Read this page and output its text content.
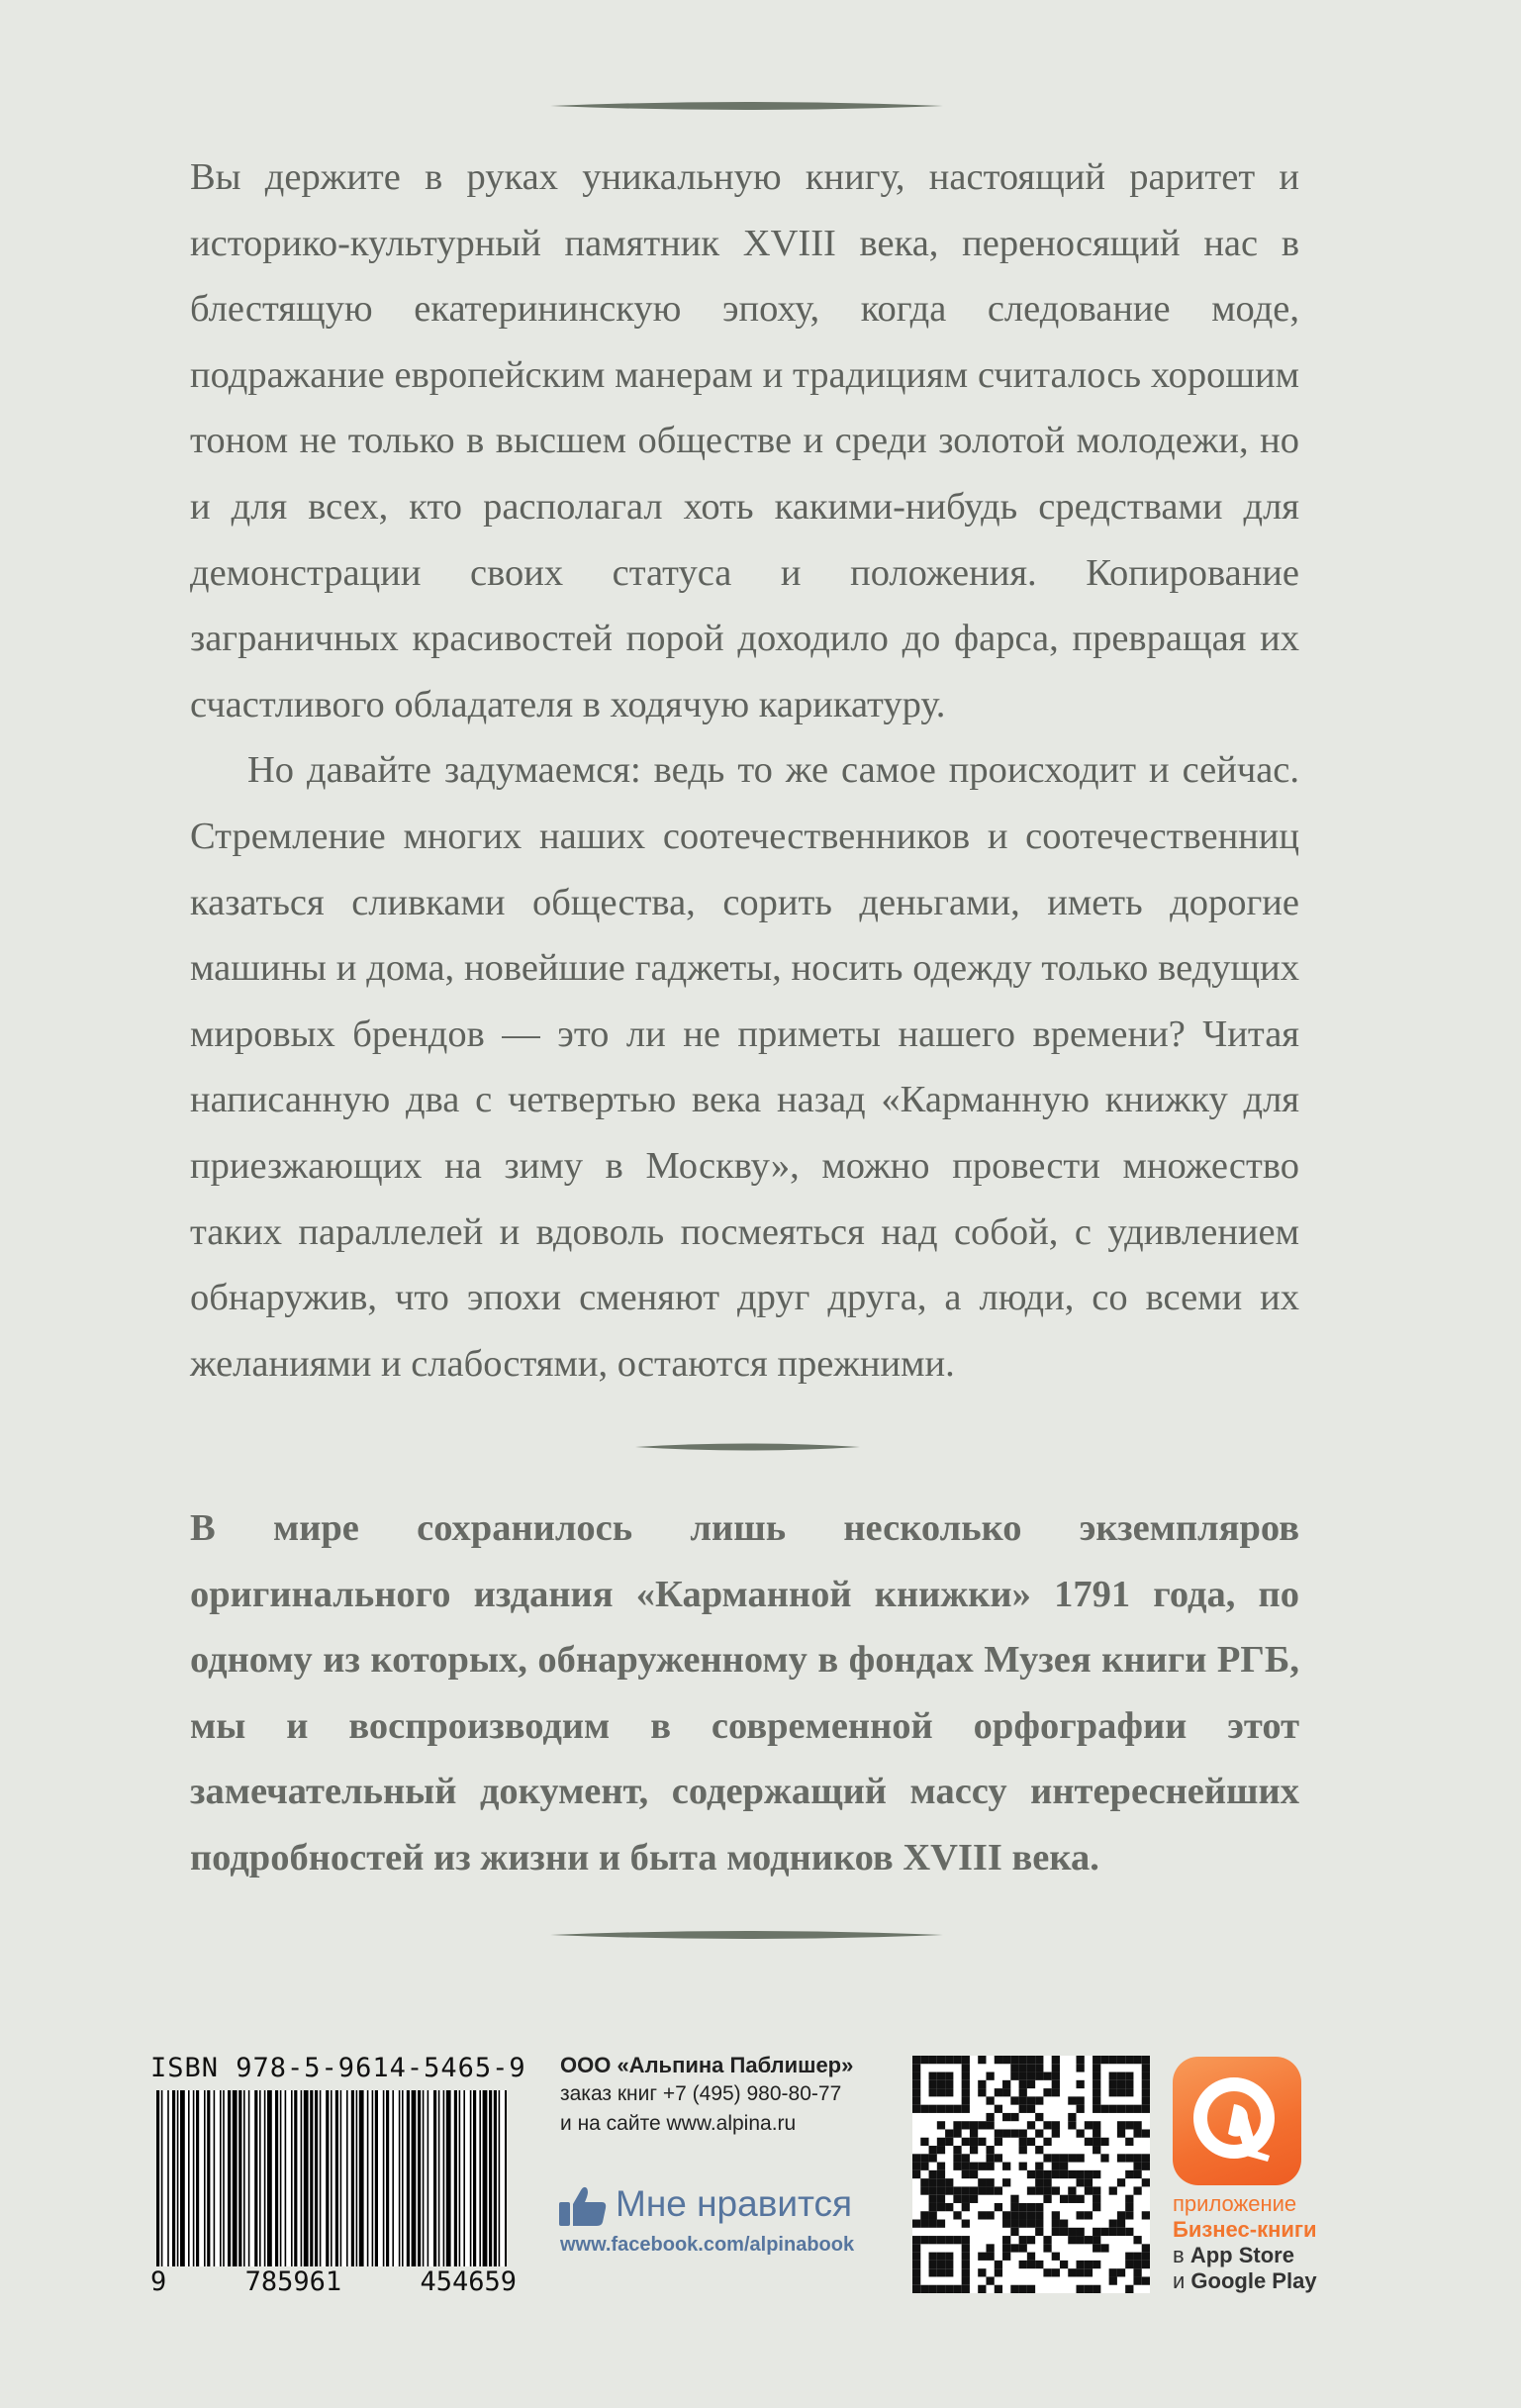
Вы держите в руках уникальную книгу, настоящий раритет и историко-культурный памятник XVIII века, переносящий нас в блестящую екатерининскую эпоху, когда следование моде, подражание европейским манерам и традициям считалось хорошим тоном не только в высшем обществе и среди золотой молодежи, но и для всех, кто располагал хоть какими-нибудь средствами для демонстрации своих статуса и положения. Копирование заграничных красивостей порой доходило до фарса, превращая их счастливого обладателя в ходячую карикатуру.

Но давайте задумаемся: ведь то же самое происходит и сейчас. Стремление многих наших соотечественников и соотечественниц казаться сливками общества, сорить деньгами, иметь дорогие машины и дома, новейшие гаджеты, носить одежду только ведущих мировых брендов — это ли не приметы нашего времени? Читая написанную два с четвертью века назад «Карманную книжку для приезжающих на зиму в Москву», можно провести множество таких параллелей и вдоволь посмеяться над собой, с удивлением обнаружив, что эпохи сменяют друг друга, а люди, со всеми их желаниями и слабостями, остаются прежними.

В мире сохранилось лишь несколько экземпляров оригинального издания «Карманной книжки» 1791 года, по одному из которых, обнаруженному в фондах Музея книги РГБ, мы и воспроизводим в современной орфографии этот замечательный документ, содержащий массу интереснейших подробностей из жизни и быта модников XVIII века.

ISBN 978-5-9614-5465-9
9	785961	454659
ООО «Альпина Паблишер»
заказ книг +7 (495) 980-80-77
и на сайте www.alpina.ru
Мне нравится
www.facebook.com/alpinabook
приложение
Бизнес-книги
в App Store
и Google Play
